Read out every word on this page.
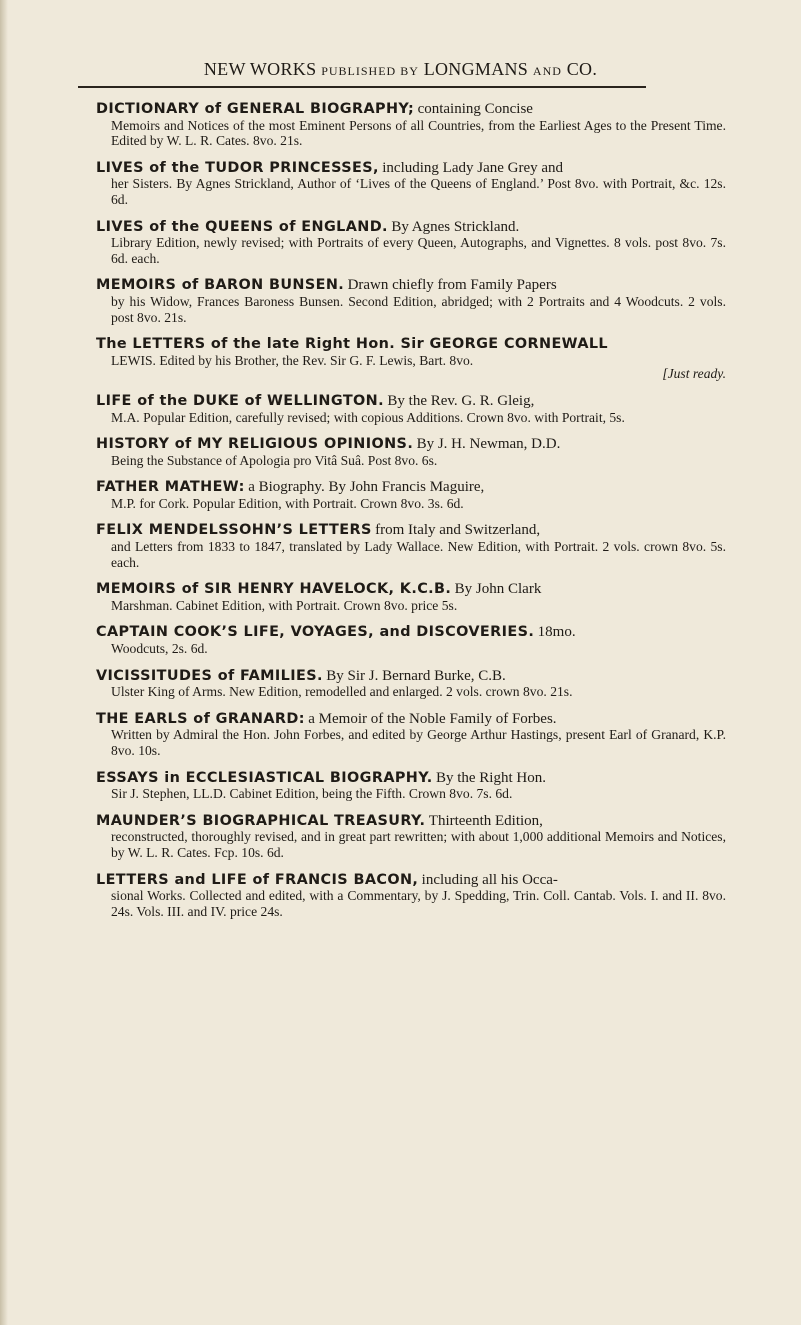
NEW WORKS PUBLISHED BY LONGMANS AND CO.
DICTIONARY of GENERAL BIOGRAPHY; containing Concise
Memoirs and Notices of the most Eminent Persons of all Countries, from the Earliest Ages to the Present Time. Edited by W. L. R. Cates. 8vo. 21s.
LIVES of the TUDOR PRINCESSES, including Lady Jane Grey and
her Sisters. By Agnes Strickland, Author of ‘Lives of the Queens of England.’ Post 8vo. with Portrait, &c. 12s. 6d.
LIVES of the QUEENS of ENGLAND. By Agnes Strickland.
Library Edition, newly revised; with Portraits of every Queen, Autographs, and Vignettes. 8 vols. post 8vo. 7s. 6d. each.
MEMOIRS of BARON BUNSEN. Drawn chiefly from Family Papers
by his Widow, Frances Baroness Bunsen. Second Edition, abridged; with 2 Portraits and 4 Woodcuts. 2 vols. post 8vo. 21s.
The LETTERS of the late Right Hon. Sir GEORGE CORNEWALL
LEWIS. Edited by his Brother, the Rev. Sir G. F. Lewis, Bart. 8vo.
[Just ready.
LIFE of the DUKE of WELLINGTON. By the Rev. G. R. Gleig,
M.A. Popular Edition, carefully revised; with copious Additions. Crown 8vo. with Portrait, 5s.
HISTORY of MY RELIGIOUS OPINIONS. By J. H. Newman, D.D.
Being the Substance of Apologia pro Vitâ Suâ. Post 8vo. 6s.
FATHER MATHEW: a Biography. By John Francis Maguire,
M.P. for Cork. Popular Edition, with Portrait. Crown 8vo. 3s. 6d.
FELIX MENDELSSOHN’S LETTERS from Italy and Switzerland,
and Letters from 1833 to 1847, translated by Lady Wallace. New Edition, with Portrait. 2 vols. crown 8vo. 5s. each.
MEMOIRS of SIR HENRY HAVELOCK, K.C.B. By John Clark
Marshman. Cabinet Edition, with Portrait. Crown 8vo. price 5s.
CAPTAIN COOK’S LIFE, VOYAGES, and DISCOVERIES. 18mo.
Woodcuts, 2s. 6d.
VICISSITUDES of FAMILIES. By Sir J. Bernard Burke, C.B.
Ulster King of Arms. New Edition, remodelled and enlarged. 2 vols. crown 8vo. 21s.
THE EARLS of GRANARD: a Memoir of the Noble Family of Forbes.
Written by Admiral the Hon. John Forbes, and edited by George Arthur Hastings, present Earl of Granard, K.P. 8vo. 10s.
ESSAYS in ECCLESIASTICAL BIOGRAPHY. By the Right Hon.
Sir J. Stephen, LL.D. Cabinet Edition, being the Fifth. Crown 8vo. 7s. 6d.
MAUNDER’S BIOGRAPHICAL TREASURY. Thirteenth Edition,
reconstructed, thoroughly revised, and in great part rewritten; with about 1,000 additional Memoirs and Notices, by W. L. R. Cates. Fcp. 10s. 6d.
LETTERS and LIFE of FRANCIS BACON, including all his Occa-
sional Works. Collected and edited, with a Commentary, by J. Spedding, Trin. Coll. Cantab. Vols. I. and II. 8vo. 24s. Vols. III. and IV. price 24s.
